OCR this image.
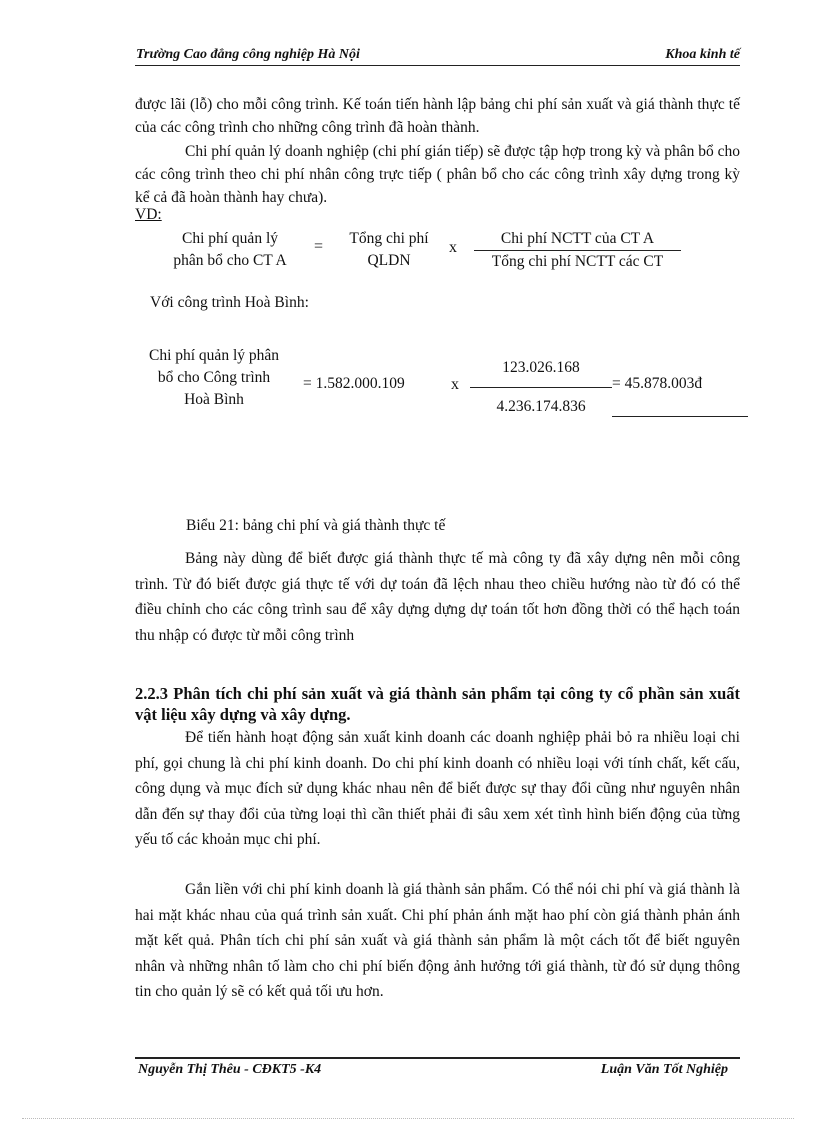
Trường Cao đẳng công nghiệp Hà Nội	Khoa kinh tế
được lãi (lỗ) cho mỗi công trình. Kế toán tiến hành lập bảng chi phí sản xuất và giá thành thực tế của các công trình cho những công trình đã hoàn thành.
Chi phí quản lý doanh nghiệp (chi phí gián tiếp) sẽ được tập hợp trong kỳ và phân bổ cho các công trình theo chi phí nhân công trực tiếp ( phân bổ cho các công trình xây dựng trong kỳ kể cả đã hoàn thành hay chưa).
VD:
Chi phí quản lý
phân bổ cho CT A
=	Tổng chi phí
QLDN
x
Chi phí NCTT của CT A
Tổng chi phí NCTT các CT
Với công trình Hoà Bình:
Chi phí quản lý phân
bổ cho Công trình
Hoà Bình
= 1.582.000.109	x
123.026.168
4.236.174.836
= 45.878.003đ
Biểu 21: bảng chi phí và giá thành thực tế
Bảng này dùng để biết được giá thành thực tế mà công ty đã xây dựng nên mỗi công trình. Từ đó biết được giá thực tế với dự toán đã lệch nhau theo chiều hướng nào từ đó có thể điều chỉnh cho các công trình sau để xây dựng dựng dự toán tốt hơn đồng thời có thể hạch toán thu nhập có được từ mỗi công trình
2.2.3 Phân tích chi phí sản xuất và giá thành sản phẩm tại công ty cổ phần sản xuất vật liệu xây dựng và xây dựng.
Để tiến hành hoạt động sản xuất kinh doanh các doanh nghiệp phải bỏ ra nhiều loại chi phí, gọi chung là chi phí kinh doanh. Do chi phí kinh doanh có nhiều loại với tính chất, kết cấu, công dụng và mục đích sử dụng khác nhau nên để biết được sự thay đổi cũng như nguyên nhân dẫn đến sự thay đổi của từng loại thì cần thiết phải đi sâu xem xét tình hình biến động của từng yếu tố các khoản mục chi phí.
Gắn liền với chi phí kinh doanh là giá thành sản phẩm. Có thể nói chi phí và giá thành là hai mặt khác nhau của quá trình sản xuất. Chi phí phản ánh mặt hao phí còn giá thành phản ánh mặt kết quả. Phân tích chi phí sản xuất và giá thành sản phẩm là một cách tốt để biết nguyên nhân và những nhân tố làm cho chi phí biến động ảnh hưởng tới giá thành, từ đó sử dụng thông tin cho quản lý sẽ có kết quả tối ưu hơn.
Nguyễn Thị Thêu - CĐKT5 -K4	Luận Văn Tốt Nghiệp
